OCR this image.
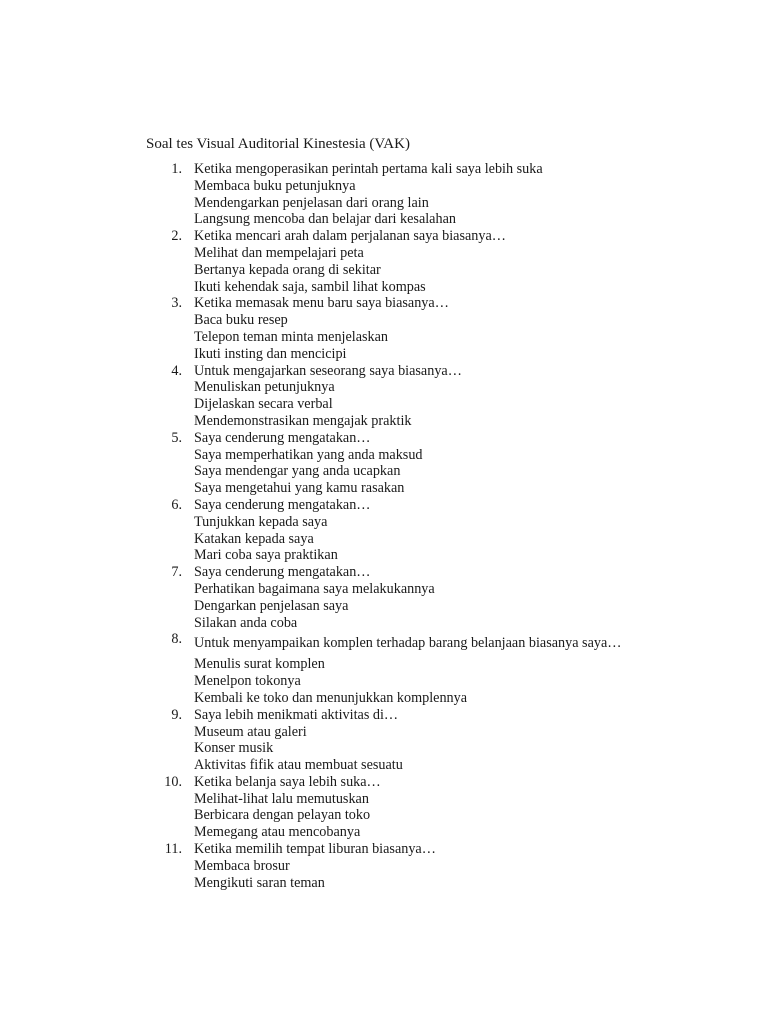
Soal tes Visual Auditorial Kinestesia (VAK)
1. Ketika mengoperasikan perintah pertama kali saya lebih suka
Membaca buku petunjuknya
Mendengarkan penjelasan dari orang lain
Langsung mencoba dan belajar dari kesalahan
2. Ketika mencari arah dalam perjalanan saya biasanya…
Melihat dan mempelajari peta
Bertanya kepada orang di sekitar
Ikuti kehendak saja, sambil lihat kompas
3. Ketika memasak menu baru saya biasanya…
Baca buku resep
Telepon teman minta menjelaskan
Ikuti insting dan mencicipi
4. Untuk mengajarkan seseorang saya biasanya…
Menuliskan petunjuknya
Dijelaskan secara verbal
Mendemonstrasikan mengajak praktik
5. Saya cenderung mengatakan…
Saya memperhatikan yang anda maksud
Saya mendengar yang anda ucapkan
Saya mengetahui yang kamu rasakan
6. Saya cenderung mengatakan…
Tunjukkan kepada saya
Katakan kepada saya
Mari coba saya praktikan
7. Saya cenderung mengatakan…
Perhatikan bagaimana saya melakukannya
Dengarkan penjelasan saya
Silakan anda coba
8. Untuk menyampaikan komplen terhadap barang belanjaan biasanya saya…
Menulis surat komplen
Menelpon tokonya
Kembali ke toko dan menunjukkan komplennya
9. Saya lebih menikmati aktivitas di…
Museum atau galeri
Konser musik
Aktivitas fifik atau membuat sesuatu
10. Ketika belanja saya lebih suka…
Melihat-lihat lalu memutuskan
Berbicara dengan pelayan toko
Memegang atau mencobanya
11. Ketika memilih tempat liburan biasanya…
Membaca brosur
Mengikuti saran teman
